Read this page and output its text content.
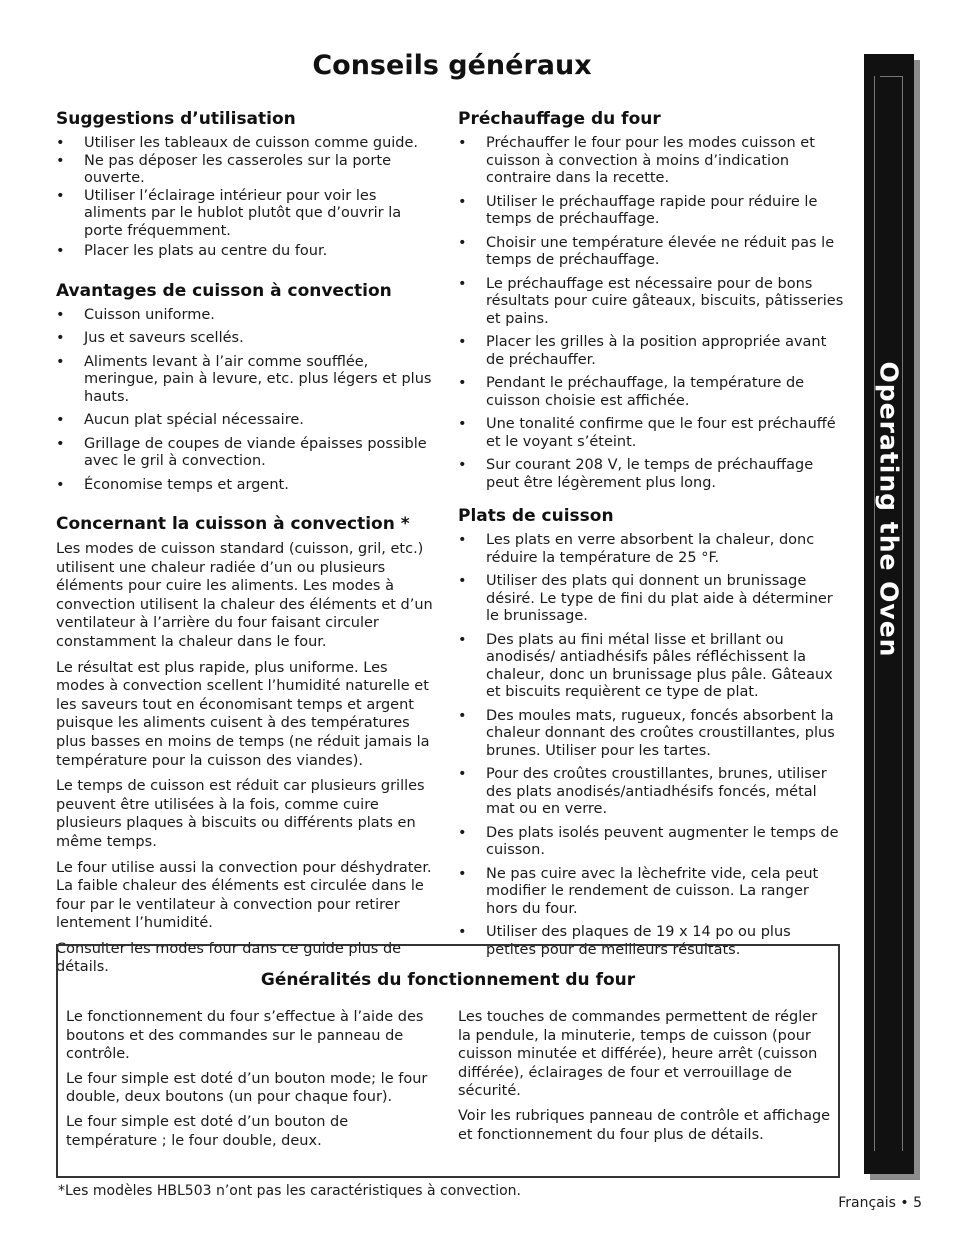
Conseils généraux
Suggestions d’utilisation
• Utiliser les tableaux de cuisson comme guide.
• Ne pas déposer les casseroles sur la porte ouverte.
• Utiliser l’éclairage intérieur pour voir les aliments par le hublot plutôt que d’ouvrir la porte fréquemment.
• Placer les plats au centre du four.
Avantages de cuisson à convection
• Cuisson uniforme.
• Jus et saveurs scellés.
• Aliments levant à l’air comme soufflée, meringue, pain à levure, etc. plus légers et plus hauts.
• Aucun plat spécial nécessaire.
• Grillage de coupes de viande épaisses possible avec le gril à convection.
• Économise temps et argent.
Concernant la cuisson à convection *

Les modes de cuisson standard (cuisson, gril, etc.) utilisent une chaleur radiée d’un ou plusieurs éléments pour cuire les aliments. Les modes à convection utilisent la chaleur des éléments et d’un ventilateur à l’arrière du four faisant circuler constamment la chaleur dans le four.

Le résultat est plus rapide, plus uniforme. Les modes à convection scellent l’humidité naturelle et les saveurs tout en économisant temps et argent puisque les aliments cuisent à des températures plus basses en moins de temps (ne réduit jamais la température pour la cuisson des viandes).

Le temps de cuisson est réduit car plusieurs grilles peuvent être utilisées à la fois, comme cuire plusieurs plaques à biscuits ou différents plats en même temps.

Le four utilise aussi la convection pour déshydrater. La faible chaleur des éléments est circulée dans le four par le ventilateur à convection pour retirer lentement l’humidité.

Consulter les modes four dans ce guide plus de détails.

Préchauffage du four
• Préchauffer le four pour les modes cuisson et cuisson à convection à moins d’indication contraire dans la recette.
• Utiliser le préchauffage rapide pour réduire le temps de préchauffage.
• Choisir une température élevée ne réduit pas le temps de préchauffage.
• Le préchauffage est nécessaire pour de bons résultats pour cuire gâteaux, biscuits, pâtisseries et pains.
• Placer les grilles à la position appropriée avant de préchauffer.
• Pendant le préchauffage, la température de cuisson choisie est affichée.
• Une tonalité confirme que le four est préchauffé et le voyant s’éteint.
• Sur courant 208 V, le temps de préchauffage peut être légèrement plus long.
Plats de cuisson
• Les plats en verre absorbent la chaleur, donc réduire la température de 25 °F.
• Utiliser des plats qui donnent un brunissage désiré. Le type de fini du plat aide à déterminer le brunissage.
• Des plats au fini métal lisse et brillant ou anodisés/ antiadhésifs pâles réfléchissent la chaleur, donc un brunissage plus pâle. Gâteaux et biscuits requièrent ce type de plat.
• Des moules mats, rugueux, foncés absorbent la chaleur donnant des croûtes croustillantes, plus brunes. Utiliser pour les tartes.
• Pour des croûtes croustillantes, brunes, utiliser des plats anodisés/antiadhésifs foncés, métal mat ou en verre.
• Des plats isolés peuvent augmenter le temps de cuisson.
• Ne pas cuire avec la lèchefrite vide, cela peut modifier le rendement de cuisson. La ranger hors du four.
• Utiliser des plaques de 19 x 14 po ou plus petites pour de meilleurs résultats.
Généralités du fonctionnement du four

Le fonctionnement du four s’effectue à l’aide des boutons et des commandes sur le panneau de contrôle.

Le four simple est doté d’un bouton mode; le four double, deux boutons (un pour chaque four).

Le four simple est doté d’un bouton de température ; le four double, deux.

Les touches de commandes permettent de régler la pendule, la minuterie, temps de cuisson (pour cuisson minutée et différée), heure arrêt (cuisson différée), éclairages de four et verrouillage de sécurité.

Voir les rubriques panneau de contrôle et affichage et fonctionnement du four plus de détails.

*Les modèles HBL503 n’ont pas les caractéristiques à convection.

Français • 5
Operating the Oven
